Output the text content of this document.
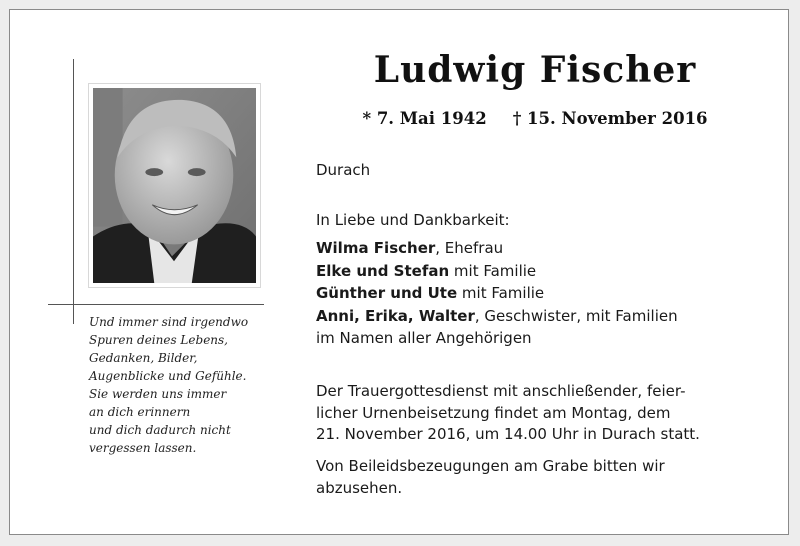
Und immer sind irgendwo
Spuren deines Lebens,
Gedanken, Bilder,
Augenblicke und Gefühle.
Sie werden uns immer
an dich erinnern
und dich dadurch nicht
vergessen lassen.
Ludwig Fischer
* 7. Mai 1942 † 15. November 2016
Durach
In Liebe und Dankbarkeit:
Wilma Fischer, Ehefrau
Elke und Stefan mit Familie
Günther und Ute mit Familie
Anni, Erika, Walter, Geschwister, mit Familien
im Namen aller Angehörigen
Der Trauergottesdienst mit anschließender, feier-
licher Urnenbeisetzung findet am Montag, dem
21. November 2016, um 14.00 Uhr in Durach statt.
Von Beileidsbezeugungen am Grabe bitten wir
abzusehen.
